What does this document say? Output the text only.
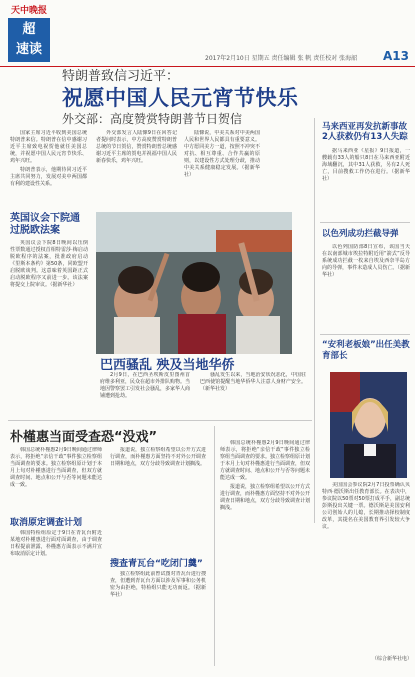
天中晚报
超
速读
2017年2月10日 星期五 责任编辑 张 帆 责任校对 张海韶 A13
特朗普致信习近平：
祝愿中国人民元宵节快乐
外交部：高度赞赏特朗普节日贺信

国家主席习近平收到美国总统特朗普来信。特朗普在信中感谢习近平主席致电祝贺他就任美国总统，并祝愿中国人民元宵节快乐、鸡年兴旺。

特朗普表示，他期待同习近平主席共同努力，发展对美中两国都有利的建设性关系。

外交部发言人陆慷9日在回答记者提问时表示，中方高度赞赏特朗普总统的节日贺信，赞赏特朗普总统感谢习近平主席的贺电并祝福中国人民新春快乐，鸡年兴旺。

陆慷说，中美关系对中美两国人民和世界人民都具有重要意义。中方愿同美方一道，按照不冲突不对抗、相互尊重、合作共赢的原则，以建设性方式处理分歧，推动中美关系健康稳定发展。（据新华社）

英国议会下院通过脱欧法案

英国议会下院8日晚间以压倒性票数通过授权首相特雷莎·梅启动脱欧程序的法案，批准政府启动《里斯本条约》第50条，同欧盟开启脱欧谈判。这意味着英国距正式启动脱欧程序又前进一步。该法案将提交上院审议。（据新华社）

巴西骚乱 殃及当地华侨

2月9日，在巴西圣埃斯皮里图州首府维多利亚，民众在超市外排队购物。当地因警察罢工引发社会骚乱，多家华人商铺遭到抢劫。

骚乱发生以来，当地治安状况恶化，中国驻巴西使馆提醒当地华侨华人注意人身财产安全。（新华社发）

朴槿惠当面受查恐“没戏”

韩国总统朴槿惠2月9日晚间通过律师表示，将拒绝“亲信干政”事件独立检察组当面调查的要求。独立检察组原计划于本月上旬对朴槿惠进行当面调查，但双方就调查时间、地点和公开与否等问题未能达成一致。

取消原定调查计划

韩国特检组原定于9日在青瓦台附近某地对朴槿惠进行面对面调查，由于调查日程提前泄露，朴槿惠方面表示不满并宣布取消原定计划。

报道说，独立检察组希望以公开方式进行调查，而朴槿惠方面坚持不对外公开调查日期和地点，双方分歧导致调查计划搁浅。

搜查青瓦台“吃闭门羹”

独立检察组此前曾试图对青瓦台进行搜查，但遭到青瓦台方面以涉及军事和公务机密为由拒绝，特检组只能无功而返。（据新华社）

马来西亚再发抗新事故 2人获救仍有13人失踪

据马来西亚《星报》9日报道，一艘载有33人的船只8日在马来西亚附近海域翻沉，其中31人获救，另有2人死亡，目前搜救工作仍在进行。（据新华社）

以色列成功拦截导弹

以色列国防部8日宣布，该国当天在以南部城市埃拉特附近用“箭式”反导系统成功拦截一枚来自埃及西奈半岛方向的导弹，事件未造成人员伤亡。（据新华社）

“安利老板娘”出任美教育部长

美国国会参议院2月7日投票确认贝特西·德沃斯出任教育部长。在表决中，参议院以50票对50票打成平手，副总统彭斯投出关键一票。德沃斯是美国安利公司创始人的儿媳，长期推动择校制度改革，其提名在美国教育界引发较大争议。

（综合新华社电）

韩国总统朴槿惠2月9日晚间通过律师表示，将拒绝“亲信干政”事件独立检察组当面调查的要求。独立检察组原计划于本月上旬对朴槿惠进行当面调查，但双方就调查时间、地点和公开与否等问题未能达成一致。

报道说，独立检察组希望以公开方式进行调查，而朴槿惠方面坚持不对外公开调查日期和地点，双方分歧导致调查计划搁浅。
